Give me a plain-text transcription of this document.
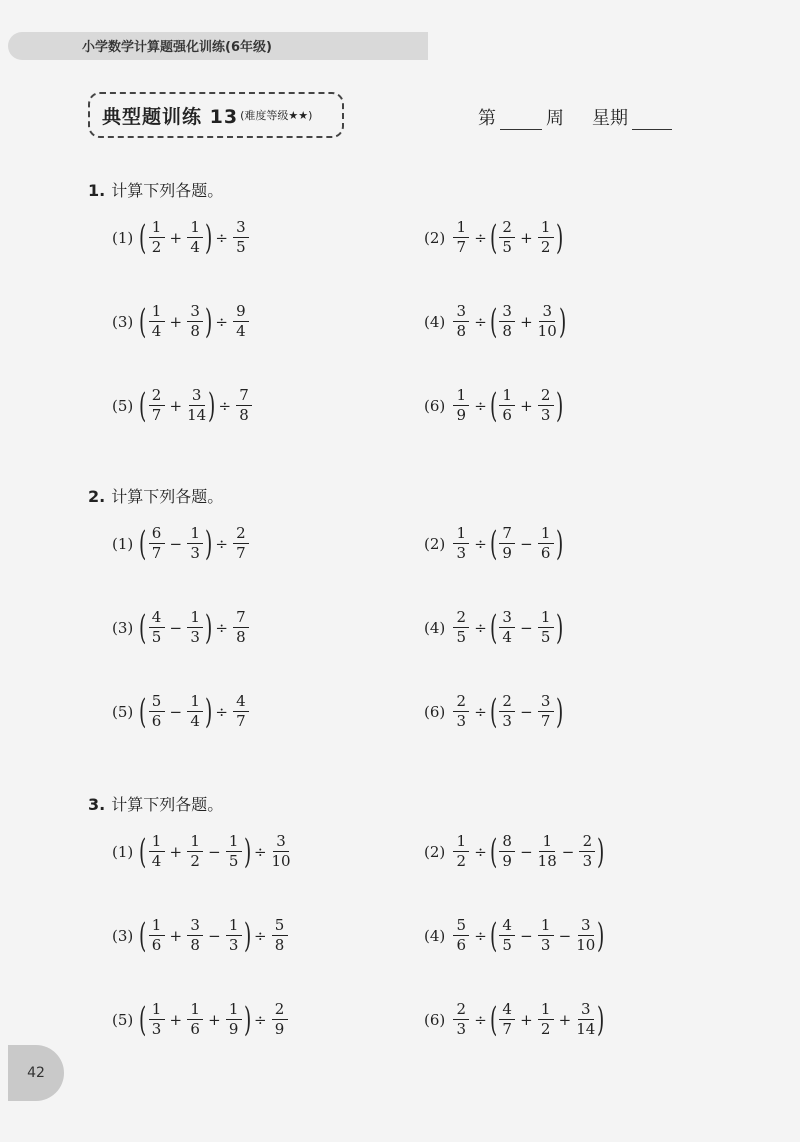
小学数学计算题强化训练(6年级)
典型题训练 13 (难度等级★★)	第	周 星期
1. 计算下列各题。
(1) ( $\frac{1}{2} + \frac{1}{4}$ ) ÷ $\frac{3}{5}$	$(2) \frac{1}{7}$ ÷ ( $\frac{2}{5} + \frac{1}{2}$ )
(3) ( $\frac{1}{4} + \frac{3}{8}$ ) ÷ $\frac{9}{4}$	$(4) \frac{3}{8}$ ÷ ( $\frac{3}{8} + \frac{3}{10}$ )
(5) ( $\frac{2}{7} + \frac{3}{14}$ ) ÷ $\frac{7}{8}$	$(6) \frac{1}{9}$ ÷ ( $\frac{1}{6} + \frac{2}{3}$ )
2. 计算下列各题。
(1) ( $\frac{6}{7} - \frac{1}{3}$ ) ÷ $\frac{2}{7}$	$(2) \frac{1}{3}$ ÷ ( $\frac{7}{9} - \frac{1}{6}$ )
(3) ( $\frac{4}{5} - \frac{1}{3}$ ) ÷ $\frac{7}{8}$	$(4) \frac{2}{5}$ ÷ ( $\frac{3}{4} - \frac{1}{5}$ )
(5) ( $\frac{5}{6} - \frac{1}{4}$ ) ÷ $\frac{4}{7}$	$(6) \frac{2}{3}$ ÷ ( $\frac{2}{3} - \frac{3}{7}$ )
3. 计算下列各题。
(1) ( $\frac{1}{4} + \frac{1}{2} - \frac{1}{5}$ ) ÷ $\frac{3}{10}$	$(2) \frac{1}{2}$ ÷ ( $\frac{8}{9} - \frac{1}{18} - \frac{2}{3}$ )
(3) ( $\frac{1}{6} + \frac{3}{8} - \frac{1}{3}$ ) ÷ $\frac{5}{8}$	$(4) \frac{5}{6}$ ÷ ( $\frac{4}{5} - \frac{1}{3} - \frac{3}{10}$ )
(5) ( $\frac{1}{3} + \frac{1}{6} + \frac{1}{9}$ ) ÷ $\frac{2}{9}$	$(6) \frac{2}{3}$ ÷ ( $\frac{4}{7} + \frac{1}{2} + \frac{3}{14}$ )
42
